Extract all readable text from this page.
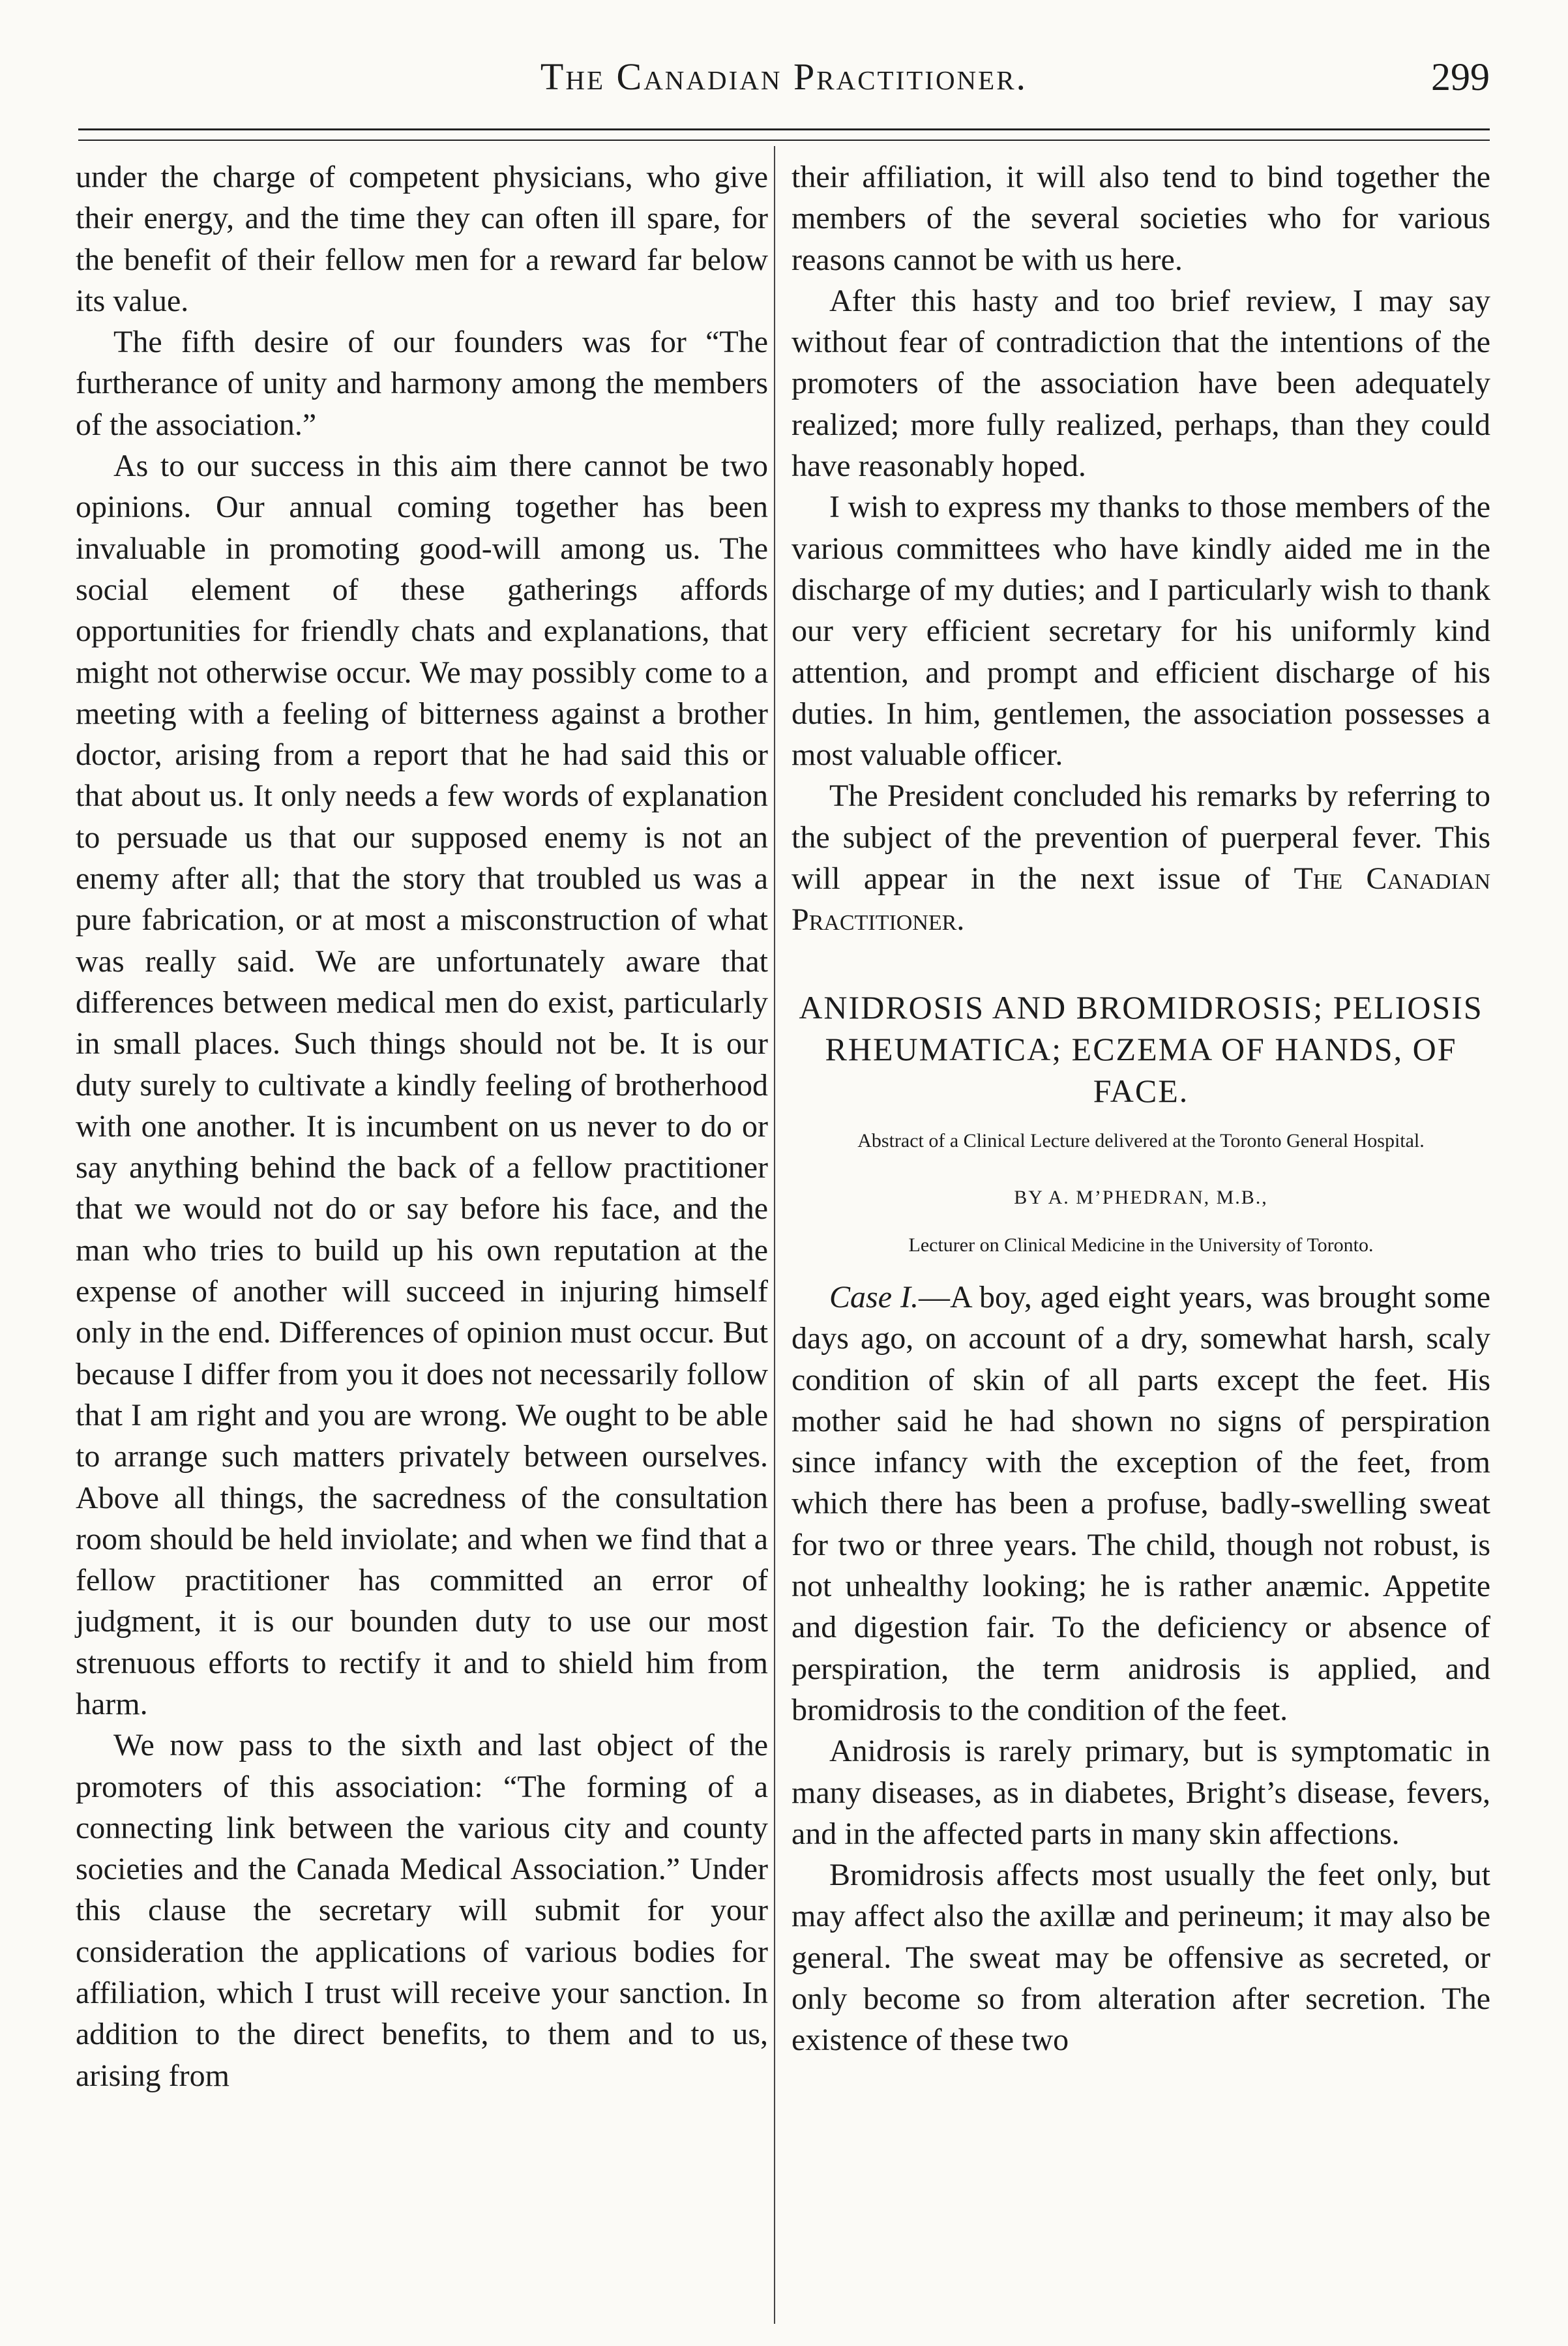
The Canadian Practitioner.	299

under the charge of competent physicians, who give their energy, and the time they can often ill spare, for the benefit of their fellow men for a reward far below its value.

The fifth desire of our founders was for “The furtherance of unity and harmony among the members of the association.”

As to our success in this aim there cannot be two opinions. Our annual coming together has been invaluable in promoting good-will among us. The social element of these gatherings affords opportunities for friendly chats and explanations, that might not otherwise occur. We may possibly come to a meeting with a feeling of bitterness against a brother doctor, arising from a report that he had said this or that about us. It only needs a few words of explanation to persuade us that our supposed enemy is not an enemy after all; that the story that troubled us was a pure fabrication, or at most a misconstruction of what was really said. We are unfortunately aware that differences between medical men do exist, particularly in small places. Such things should not be. It is our duty surely to cultivate a kindly feeling of brotherhood with one another. It is incumbent on us never to do or say anything behind the back of a fellow practitioner that we would not do or say before his face, and the man who tries to build up his own reputation at the expense of another will succeed in injuring himself only in the end. Differences of opinion must occur. But because I differ from you it does not necessarily follow that I am right and you are wrong. We ought to be able to arrange such matters privately between ourselves. Above all things, the sacredness of the consultation room should be held inviolate; and when we find that a fellow practitioner has committed an error of judgment, it is our bounden duty to use our most strenuous efforts to rectify it and to shield him from harm.

We now pass to the sixth and last object of the promoters of this association: “The forming of a connecting link between the various city and county societies and the Canada Medical Association.” Under this clause the secretary will submit for your consideration the applications of various bodies for affiliation, which I trust will receive your sanction. In addition to the direct benefits, to them and to us, arising from

their affiliation, it will also tend to bind together the members of the several societies who for various reasons cannot be with us here.

After this hasty and too brief review, I may say without fear of contradiction that the intentions of the promoters of the association have been adequately realized; more fully realized, perhaps, than they could have reasonably hoped.

I wish to express my thanks to those members of the various committees who have kindly aided me in the discharge of my duties; and I particularly wish to thank our very efficient secretary for his uniformly kind attention, and prompt and efficient discharge of his duties. In him, gentlemen, the association possesses a most valuable officer.

The President concluded his remarks by referring to the subject of the prevention of puerperal fever. This will appear in the next issue of The Canadian Practitioner.

ANIDROSIS AND BROMIDROSIS; PELIOSIS RHEUMATICA; ECZEMA OF HANDS, OF FACE.
Abstract of a Clinical Lecture delivered at the Toronto General Hospital.
BY A. M’PHEDRAN, M.B.,
Lecturer on Clinical Medicine in the University of Toronto.

Case I.—A boy, aged eight years, was brought some days ago, on account of a dry, somewhat harsh, scaly condition of skin of all parts except the feet. His mother said he had shown no signs of perspiration since infancy with the exception of the feet, from which there has been a profuse, badly-swelling sweat for two or three years. The child, though not robust, is not unhealthy looking; he is rather anæmic. Appetite and digestion fair. To the deficiency or absence of perspiration, the term anidrosis is applied, and bromidrosis to the condition of the feet.

Anidrosis is rarely primary, but is symptomatic in many diseases, as in diabetes, Bright’s disease, fevers, and in the affected parts in many skin affections.

Bromidrosis affects most usually the feet only, but may affect also the axillæ and perineum; it may also be general. The sweat may be offensive as secreted, or only become so from alteration after secretion. The existence of these two
